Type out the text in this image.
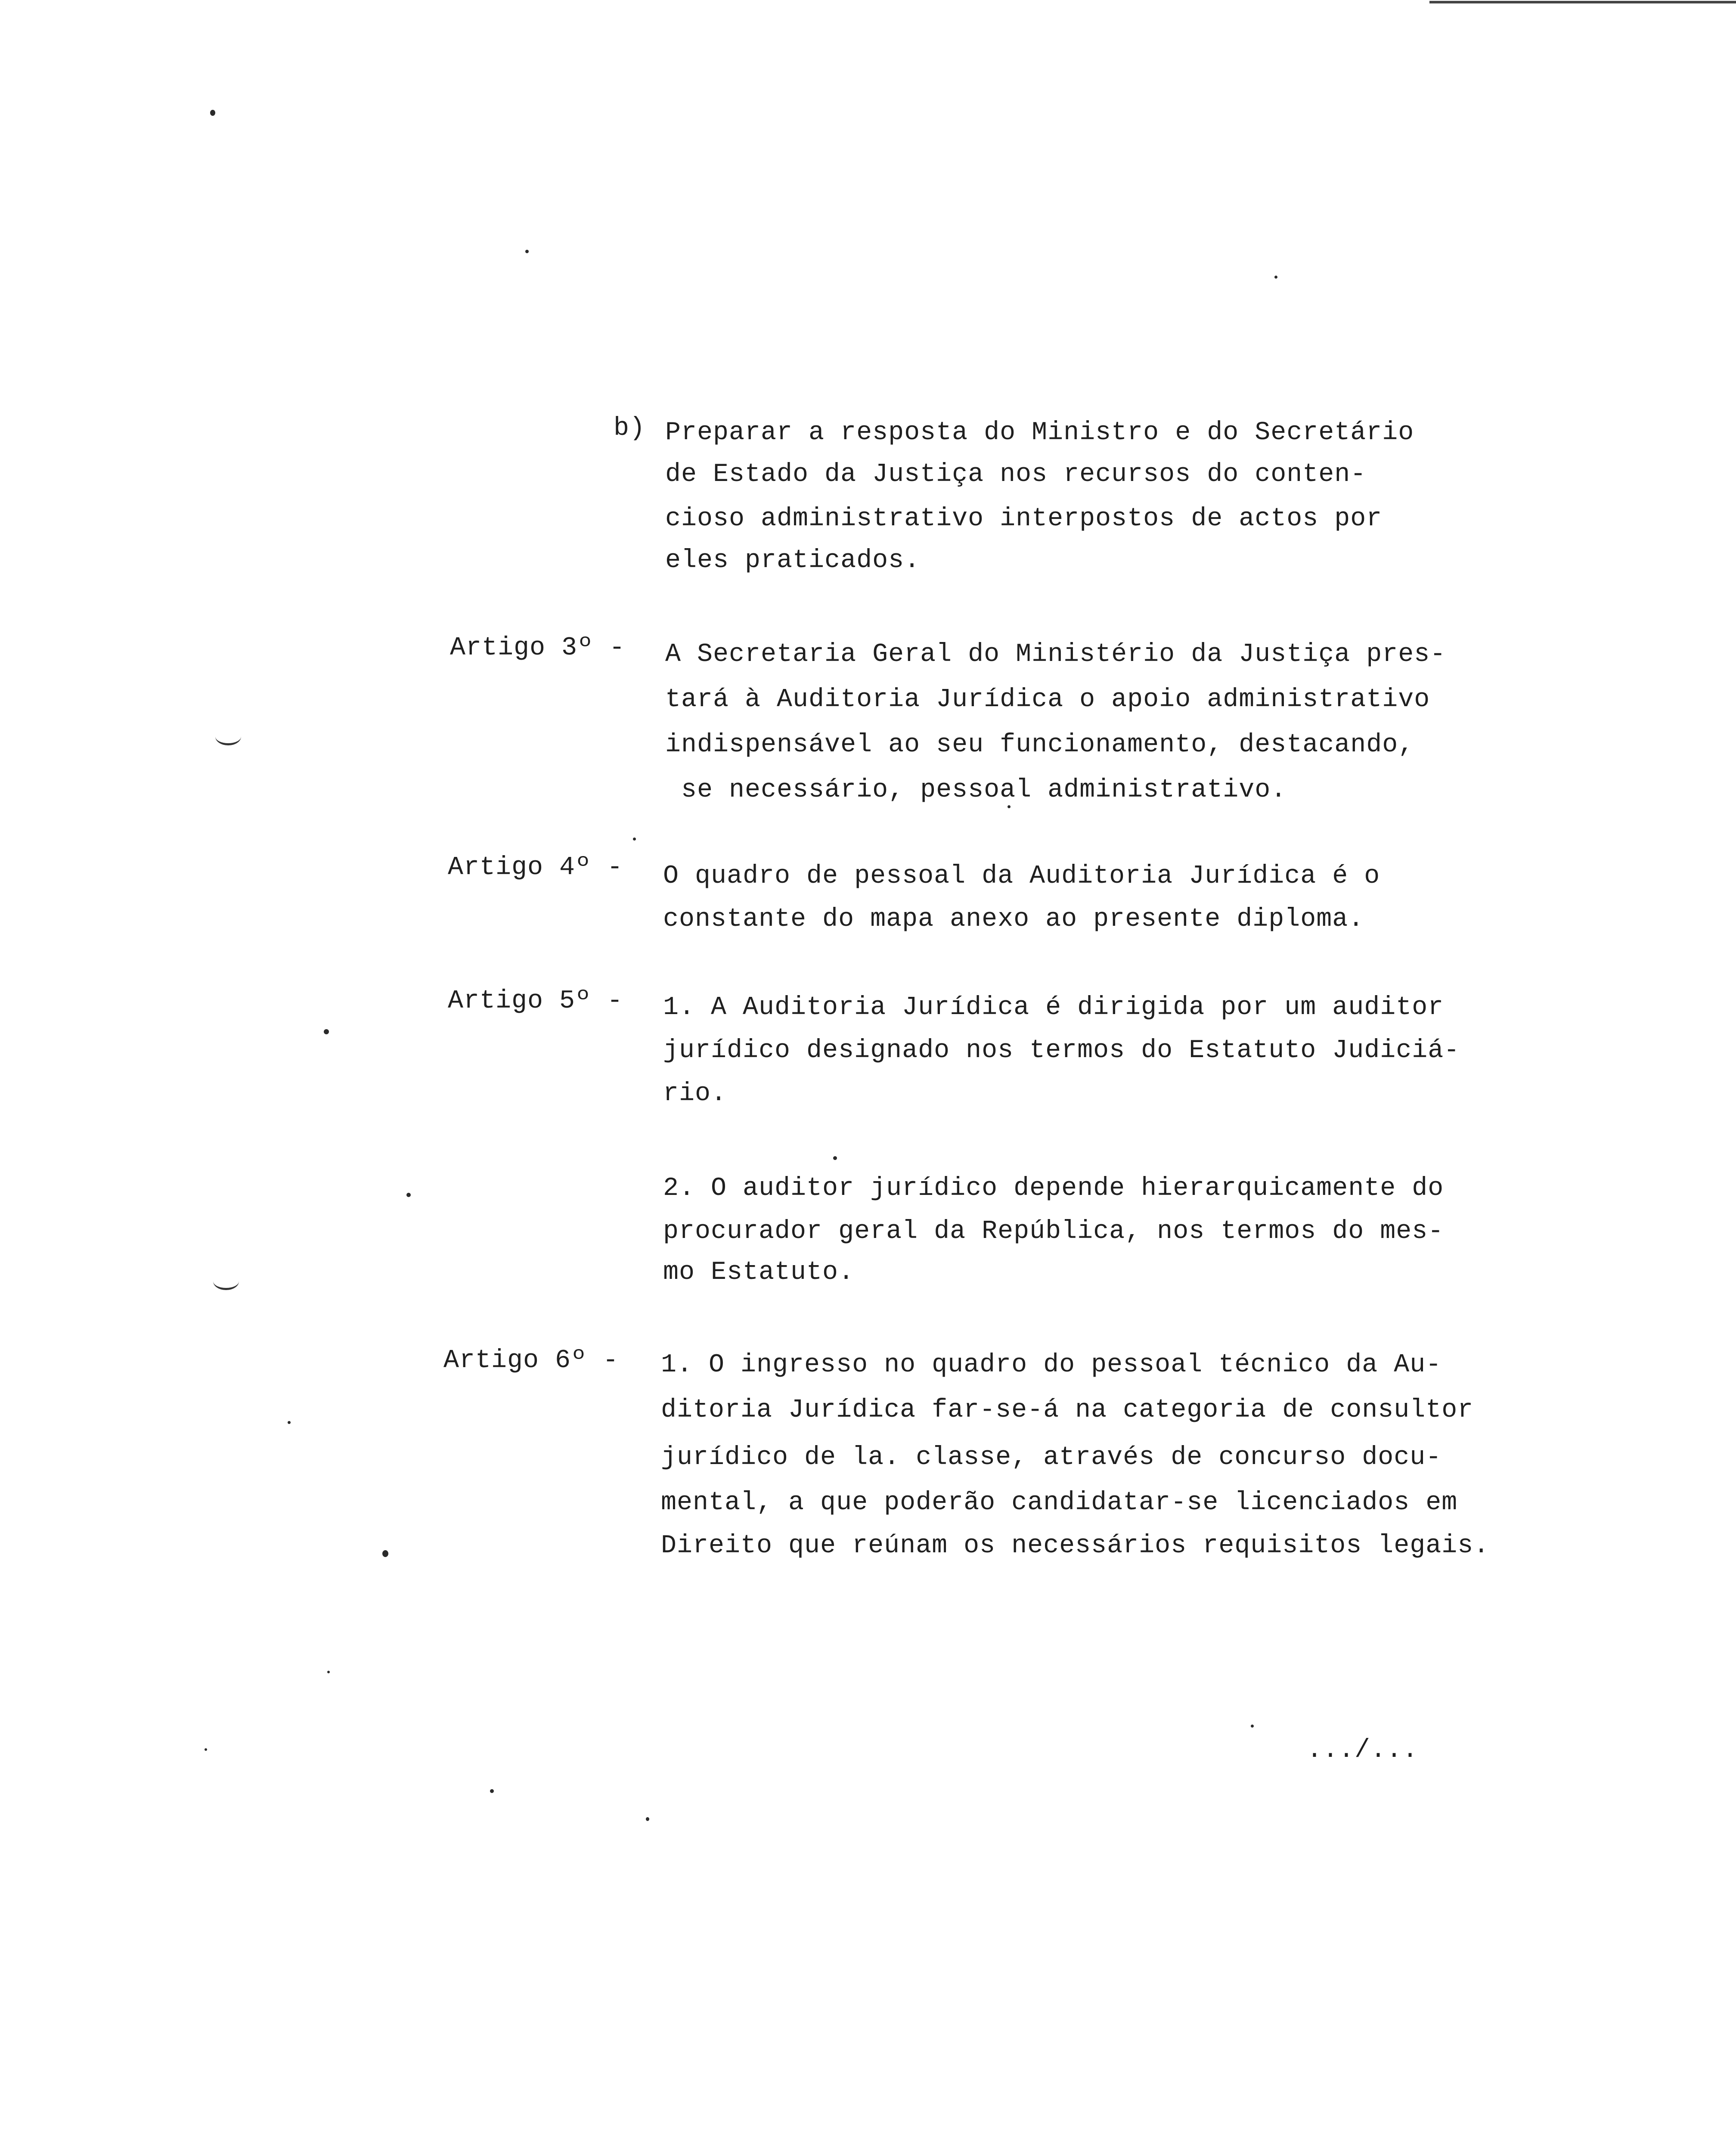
b) Preparar a resposta do Ministro e do Secretário
de Estado da Justiça nos recursos do conten-
cioso administrativo interpostos de actos por
eles praticados.
Artigo 3º - A Secretaria Geral do Ministério da Justiça pres-
tará à Auditoria Jurídica o apoio administrativo
indispensável ao seu funcionamento, destacando,
se necessário, pessoal administrativo.
Artigo 4º - O quadro de pessoal da Auditoria Jurídica é o
constante do mapa anexo ao presente diploma.
Artigo 5º - 1. A Auditoria Jurídica é dirigida por um auditor
jurídico designado nos termos do Estatuto Judiciá-
rio.
2. O auditor jurídico depende hierarquicamente do
procurador geral da República, nos termos do mes-
mo Estatuto.
Artigo 6º - 1. O ingresso no quadro do pessoal técnico da Au-
ditoria Jurídica far-se-á na categoria de consultor
jurídico de la. classe, através de concurso docu-
mental, a que poderão candidatar-se licenciados em
Direito que reúnam os necessários requisitos legais.
.../...
